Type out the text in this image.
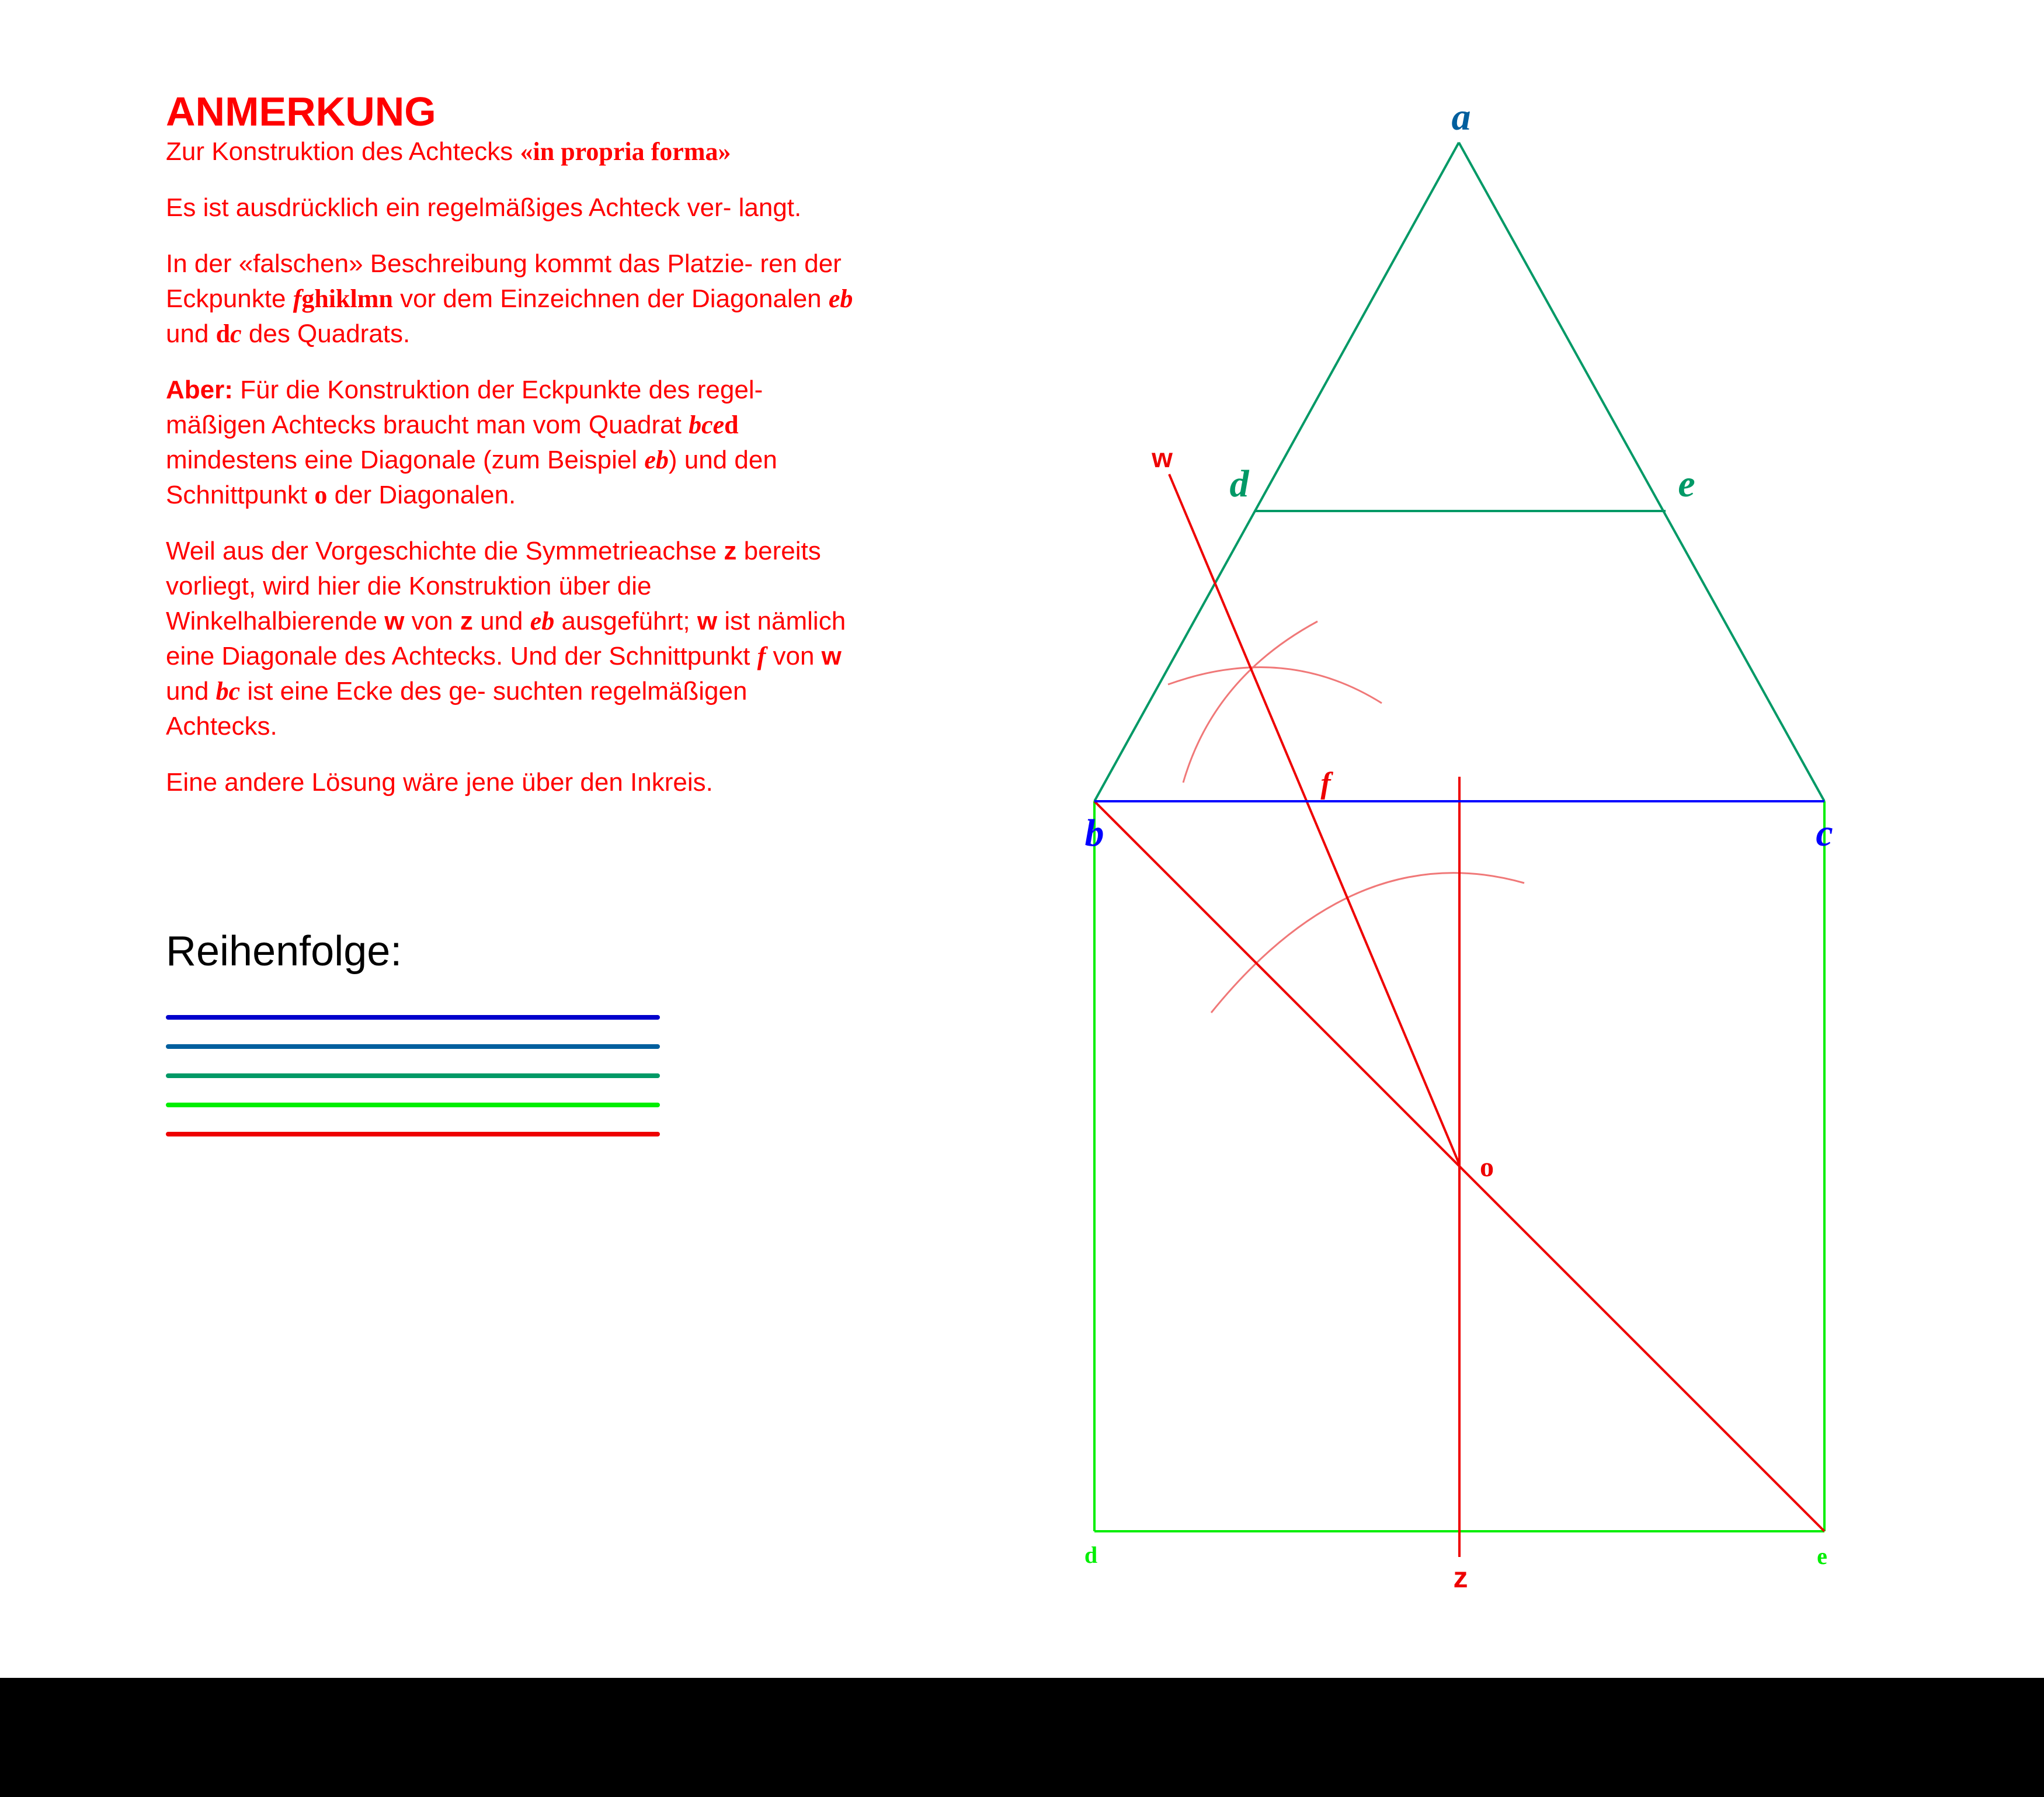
ANMERKUNG
Zur Konstruktion des Achtecks «in propria forma»

Es ist ausdrücklich ein regelmäßiges Achteck ver- langt.

In der «falschen» Beschreibung kommt das Platzie- ren der Eckpunkte fghiklmn vor dem Einzeichnen der Diagonalen eb und dc des Quadrats.

Aber: Für die Konstruktion der Eckpunkte des regel- mäßigen Achtecks braucht man vom Quadrat bced mindestens eine Diagonale (zum Beispiel eb) und den Schnittpunkt o der Diagonalen.

Weil aus der Vorgeschichte die Symmetrieachse z bereits vorliegt, wird hier die Konstruktion über die Winkelhalbierende w von z und eb ausgeführt; w ist nämlich eine Diagonale des Achtecks. Und der Schnittpunkt f von w und bc ist eine Ecke des ge- suchten regelmäßigen Achtecks.

Eine andere Lösung wäre jene über den Inkreis.

Reihenfolge:
a
d	e
b	c
f
o
w
z
d	e
